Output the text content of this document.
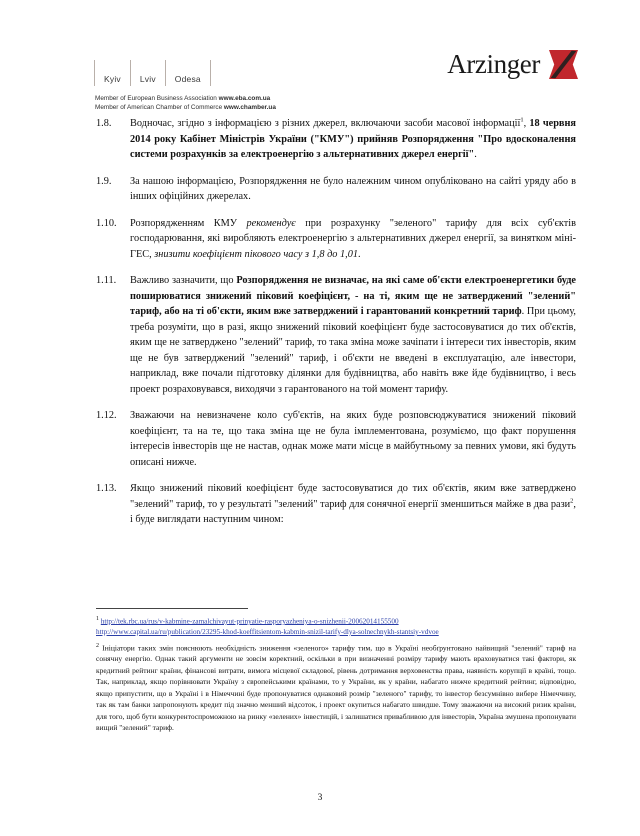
Kyiv	Lviv	Odesa
Member of European Business Association www.eba.com.ua
Member of American Chamber of Commerce www.chamber.ua
Arzinger
1.8.	Водночас, згідно з інформацією з різних джерел, включаючи засоби масової інформації$^1$, 18 червня 2014 року Кабінет Міністрів України ("КМУ") прийняв Розпорядження "Про вдосконалення системи розрахунків за електроенергію з альтернативних джерел енергії".
1.9.	За нашою інформацією, Розпорядження не було належним чином опубліковано на сайті уряду або в інших офіційних джерелах.
1.10.	Розпорядженням КМУ рекомендує при розрахунку "зеленого" тарифу для всіх суб'єктів господарювання, які виробляють електроенергію з альтернативних джерел енергії, за винятком міні-ГЕС, знизити коефіцієнт пікового часу з 1,8 до 1,01.
1.11.	Важливо зазначити, що Розпорядження не визначає, на які саме об'єкти електроенергетики буде поширюватися знижений піковий коефіцієнт, - на ті, яким ще не затверджений "зелений" тариф, або на ті об'єкти, яким вже затверджений і гарантований конкретний тариф. При цьому, треба розуміти, що в разі, якщо знижений піковий коефіцієнт буде застосовуватися до тих об'єктів, яким ще не затверджено "зелений" тариф, то така зміна може зачіпати і інтереси тих інвесторів, яким ще не був затверджений "зелений" тариф, і об'єкти не введені в експлуатацію, але інвестори, наприклад, вже почали підготовку ділянки для будівництва, або навіть вже йде будівництво, і весь проект розраховувався, виходячи з гарантованого на той момент тарифу.
1.12.	Зважаючи на невизначене коло суб'єктів, на яких буде розповсюджуватися знижений піковий коефіцієнт, та на те, що така зміна ще не була імплементована, розуміємо, що факт порушення інтересів інвесторів ще не настав, однак може мати місце в майбутньому за певних умови, які будуть описані нижче.
1.13.	Якщо знижений піковий коефіцієнт буде застосовуватися до тих об'єктів, яким вже затверджено "зелений" тариф, то у результаті "зелений" тариф для сонячної енергії зменшиться майже в два рази$^2$, і буде виглядати наступним чином:
$^1$ http://tek.rbc.ua/rus/v-kabmine-zamalchivayut-prinyatie-rasporyazheniya-o-snizhenii-20062014155500
http://www.capital.ua/ru/publication/23295-khod-koeffitsientom-kabmin-snizil-tarify-dlya-solnechnykh-stantsiy-vdvoe
$^2$ Ініціатори таких змін пояснюють необхідність зниження «зеленого» тарифу тим, що в Україні необґрунтовано найвищий "зелений" тариф на сонячну енергію. Однак такий аргументи не зовсім коректний, оскільки в при визначенні розміру тарифу мають враховуватися такі фактори, як кредитний рейтинг країни, фінансові витрати, вимога місцевої складової, рівень дотримання верховенства права, наявність корупції в країні, тощо. Так, наприклад, якщо порівнювати Україну з європейськими країнами, то у України, як у країни, набагато нижче кредитний рейтинг, відповідно, якщо припустити, що в Україні і в Німеччині буде пропонуватися однаковий розмір "зеленого" тарифу, то інвестор безсумнівно вибере Німеччину, так як там банки запропонують кредит під значно менший відсоток, і проект окупиться набагато швидше. Тому зважаючи на високий ризик країни, для того, щоб бути конкурентоспроможною на ринку «зелених» інвестицій, і залишатися привабливою для інвесторів, Україна змушена пропонувати вищий "зелений" тариф.
3
